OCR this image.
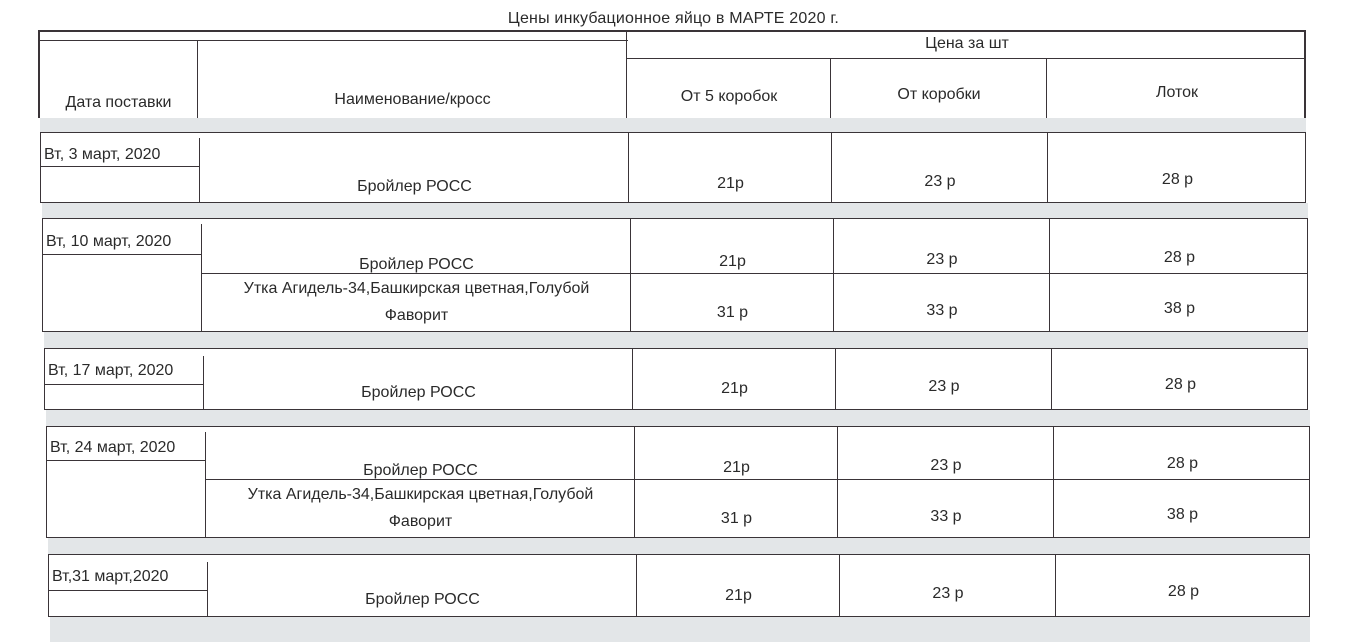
Цены инкубационное яйцо в МАРТЕ 2020 г.
Дата поставки	Наименование/кросс
Цена за шт
От 5 коробок	От коробки	Лоток
Вт, 3 март, 2020
Бройлер РОСС	21р	23 р	28 р
Вт, 10 март, 2020
Бройлер РОСС	21р	23 р	28 р
Утка Агидель-34,Башкирская цветная,Голубой
Фаворит	31 р	33 р	38 р
Вт, 17 март, 2020
Бройлер РОСС	21р	23 р	28 р
Вт, 24 март, 2020
Бройлер РОСС	21р	23 р	28 р
Утка Агидель-34,Башкирская цветная,Голубой
Фаворит	31 р	33 р	38 р
Вт,31 март,2020
Бройлер РОСС	21р	23 р	28 р
